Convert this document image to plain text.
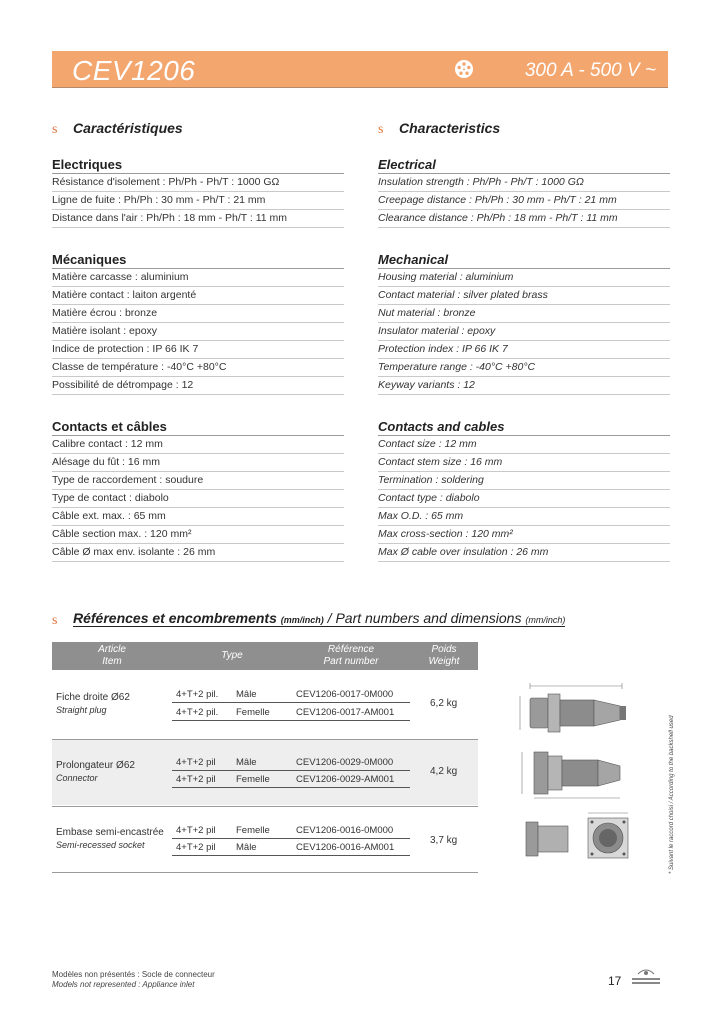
CEV1206	300 A - 500 V ~
s Caractéristiques
Electriques
Résistance d'isolement : Ph/Ph - Ph/T : 1000 GΩ
Ligne de fuite : Ph/Ph : 30 mm - Ph/T : 21 mm
Distance dans l'air : Ph/Ph : 18 mm - Ph/T : 11 mm
Mécaniques
Matière carcasse : aluminium
Matière contact : laiton argenté
Matière écrou : bronze
Matière isolant : epoxy
Indice de protection : IP 66 IK 7
Classe de température : -40°C +80°C
Possibilité de détrompage : 12
Contacts et câbles
Calibre contact : 12 mm
Alésage du fût : 16 mm
Type de raccordement : soudure
Type de contact : diabolo
Câble ext. max. : 65 mm
Câble section max. : 120 mm²
Câble Ø max env. isolante : 26 mm
s Characteristics
Electrical
Insulation strength : Ph/Ph - Ph/T : 1000 GΩ
Creepage distance : Ph/Ph : 30 mm - Ph/T : 21 mm
Clearance distance : Ph/Ph : 18 mm - Ph/T : 11 mm
Mechanical
Housing material : aluminium
Contact material : silver plated brass
Nut material : bronze
Insulator material : epoxy
Protection index : IP 66 IK 7
Temperature range : -40°C +80°C
Keyway variants : 12
Contacts and cables
Contact size : 12 mm
Contact stem size : 16 mm
Termination : soldering
Contact type : diabolo
Max O.D. : 65 mm
Max cross-section : 120 mm²
Max Ø cable over insulation : 26 mm
s Références et encombrements (mm/inch) / Part numbers and dimensions (mm/inch)
Article
Item
Type
Référence
Part number
Poids
Weight
Fiche droite Ø62
Straight plug
4+T+2 pil. Mâle	CEV1206-0017-0M000
4+T+2 pil. Femelle	CEV1206-0017-AM001
6,2 kg
Prolongateur Ø62
Connector
4+T+2 pil Mâle	CEV1206-0029-0M000
4+T+2 pil Femelle	CEV1206-0029-AM001
4,2 kg
Embase semi-encastrée
Semi-recessed socket
4+T+2 pil Femelle	CEV1206-0016-0M000
4+T+2 pil Mâle	CEV1206-0016-AM001
3,7 kg	* Suivant le raccord choisi / According to the backshell used
Modèles non présentés : Socle de connecteur
Models not represented : Appliance inlet	17
